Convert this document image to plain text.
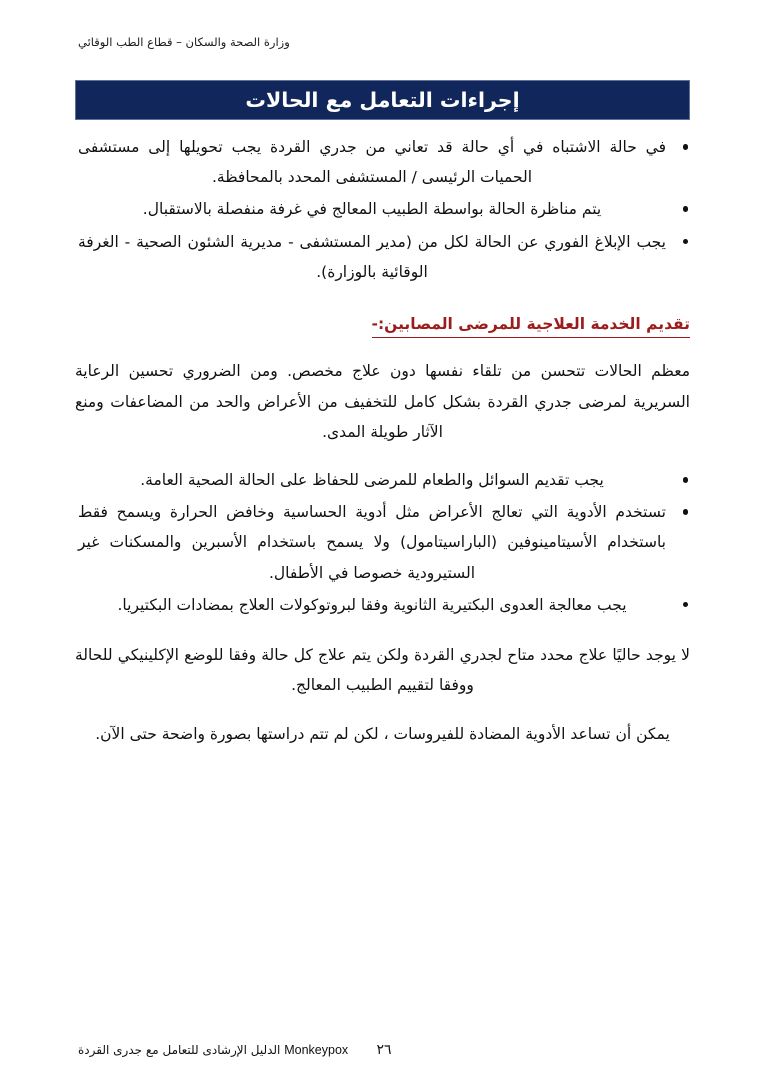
وزارة الصحة والسكان – قطاع الطب الوقائي
إجراءات التعامل مع الحالات
في حالة الاشتباه في أي حالة قد تعاني من جدري القردة يجب تحويلها إلى مستشفى الحميات الرئيسى / المستشفى المحدد بالمحافظة.
يتم مناظرة الحالة بواسطة الطبيب المعالج في غرفة منفصلة بالاستقبال.
يجب الإبلاغ الفوري عن الحالة لكل من (مدير المستشفى - مديرية الشئون الصحية - الغرفة الوقائية بالوزارة).
تقديم الخدمة العلاجية للمرضى المصابين:-

معظم الحالات تتحسن من تلقاء نفسها دون علاج مخصص. ومن الضروري تحسين الرعاية السريرية لمرضى جدري القردة بشكل كامل للتخفيف من الأعراض والحد من المضاعفات ومنع الآثار طويلة المدى.

يجب تقديم السوائل والطعام للمرضى للحفاظ على الحالة الصحية العامة.
تستخدم الأدوية التي تعالج الأعراض مثل أدوية الحساسية وخافض الحرارة ويسمح فقط باستخدام الأسيتامينوفين (الباراسيتامول) ولا يسمح باستخدام الأسبرين والمسكنات غير الستيرودية خصوصا في الأطفال.
يجب معالجة العدوى البكتيرية الثانوية وفقا لبروتوكولات العلاج بمضادات البكتيريا.

لا يوجد حاليًا علاج محدد متاح لجدري القردة ولكن يتم علاج كل حالة وفقا للوضع الإكلينيكي للحالة ووفقا لتقييم الطبيب المعالج.

يمكن أن تساعد الأدوية المضادة للفيروسات ، لكن لم تتم دراستها بصورة واضحة حتى الآن.

٢٦
Monkeypox الدليل الإرشادى للتعامل مع جدرى القردة
